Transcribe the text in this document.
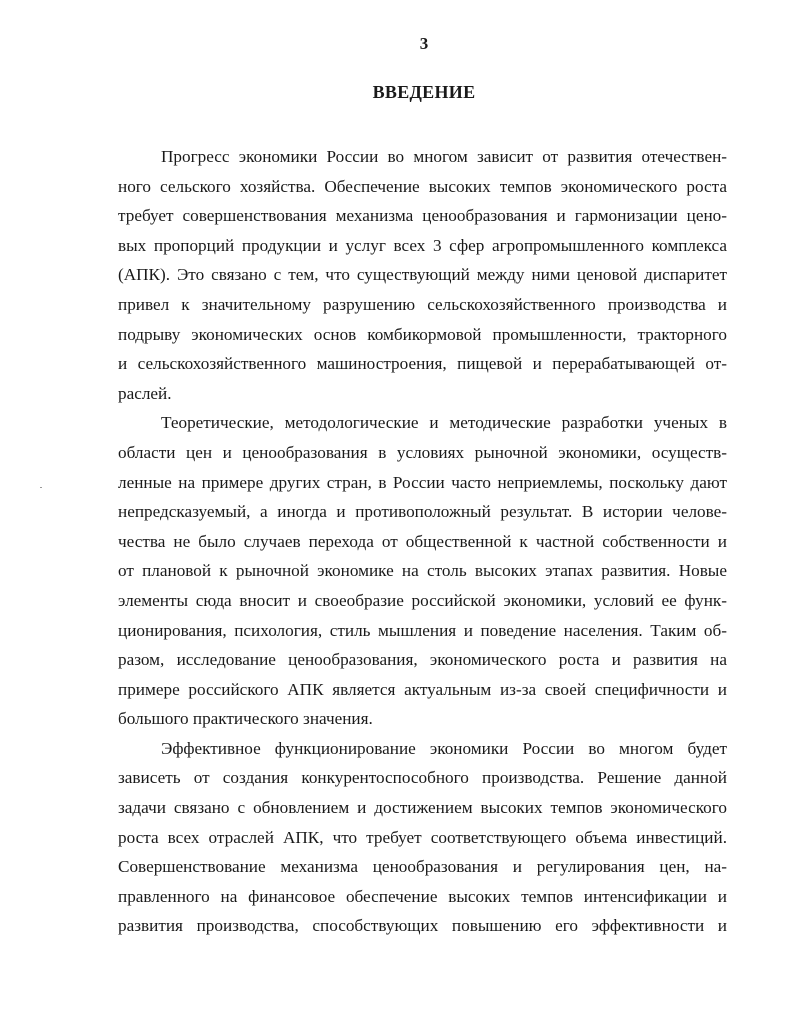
3
ВВЕДЕНИЕ
Прогресс экономики России во многом зависит от развития отечествен-
ного сельского хозяйства. Обеспечение высоких темпов экономического роста
требует совершенствования механизма ценообразования и гармонизации цено-
вых пропорций продукции и услуг всех 3 сфер агропромышленного комплекса
(АПК). Это связано с тем, что существующий между ними ценовой диспаритет
привел к значительному разрушению сельскохозяйственного производства и
подрыву экономических основ комбикормовой промышленности, тракторного
и сельскохозяйственного машиностроения, пищевой и перерабатывающей от-
раслей.
Теоретические, методологические и методические разработки ученых в
области цен и ценообразования в условиях рыночной экономики, осуществ-
ленные на примере других стран, в России часто неприемлемы, поскольку дают
непредсказуемый, а иногда и противоположный результат. В истории челове-
чества не было случаев перехода от общественной к частной собственности и
от плановой к рыночной экономике на столь высоких этапах развития. Новые
элементы сюда вносит и своеобразие российской экономики, условий ее функ-
ционирования, психология, стиль мышления и поведение населения. Таким об-
разом, исследование ценообразования, экономического роста и развития на
примере российского АПК является актуальным из-за своей специфичности и
большого практического значения.
Эффективное функционирование экономики России во многом будет
зависеть от создания конкурентоспособного производства. Решение данной
задачи связано с обновлением и достижением высоких темпов экономического
роста всех отраслей АПК, что требует соответствующего объема инвестиций.
Совершенствование механизма ценообразования и регулирования цен, на-
правленного на финансовое обеспечение высоких темпов интенсификации и
развития производства, способствующих повышению его эффективности и
